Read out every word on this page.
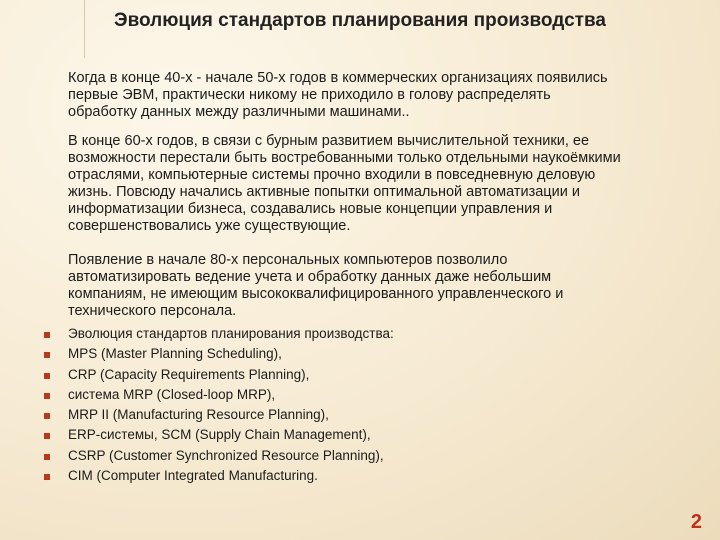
Эволюция стандартов планирования производства
Когда в конце 40-х - начале 50-х годов в коммерческих организациях появились
первые ЭВМ, практически никому не приходило в голову распределять
обработку данных между различными машинами..
В конце 60-х годов, в связи с бурным развитием вычислительной техники, ее
возможности перестали быть востребованными только отдельными наукоёмкими
отраслями, компьютерные системы прочно входили в повседневную деловую
жизнь. Повсюду начались активные попытки оптимальной автоматизации и
информатизации бизнеса, создавались новые концепции управления и
совершенствовались уже существующие.
Появление в начале 80-х персональных компьютеров позволило
автоматизировать ведение учета и обработку данных даже небольшим
компаниям, не имеющим высококвалифицированного управленческого и
технического персонала.
Эволюция стандартов планирования производства:
MPS (Master Planning Scheduling),
CRP (Capacity Requirements Planning),
система MRP (Closed-loop MRP),
MRP II (Manufacturing Resource Planning),
ERP-системы, SCM (Supply Chain Management),
CSRP (Customer Synchronized Resource Planning),
CIM (Computer Integrated Manufacturing.
2
